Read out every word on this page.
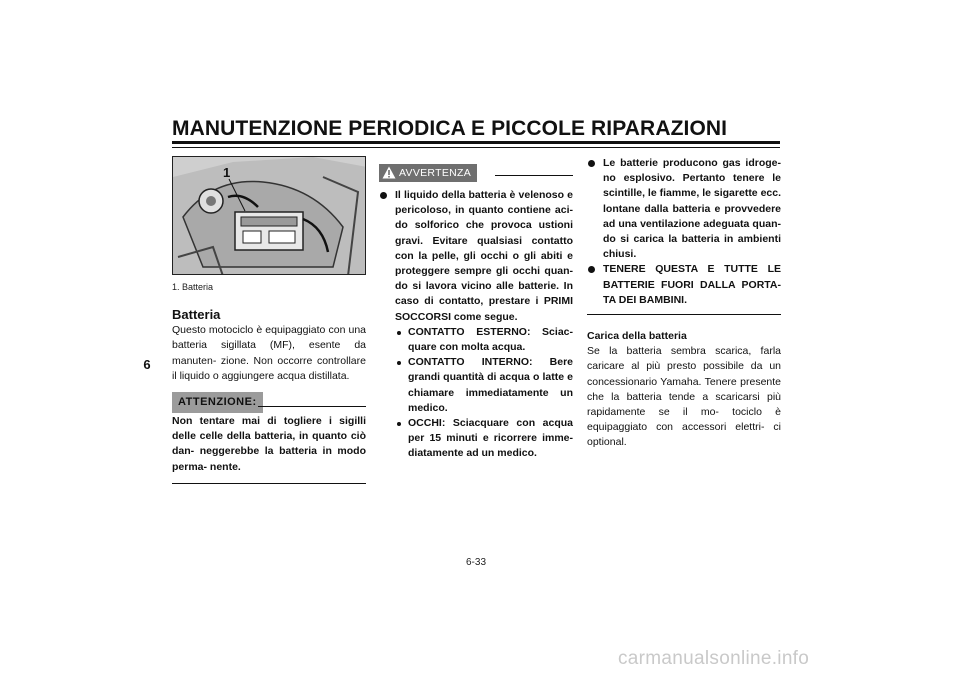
MANUTENZIONE PERIODICA E PICCOLE RIPARAZIONI
6
1
1. Batteria
Batteria
Questo motociclo è equipaggiato con una batteria sigillata (MF), esente da manuten- zione. Non occorre controllare il liquido o aggiungere acqua distillata.
ATTENZIONE:
Non tentare mai di togliere i sigilli delle celle della batteria, in quanto ciò dan- neggerebbe la batteria in modo perma- nente.
AVVERTENZA
Il liquido della batteria è velenoso e pericoloso, in quanto contiene aci- do solforico che provoca ustioni gravi. Evitare qualsiasi contatto con la pelle, gli occhi o gli abiti e proteggere sempre gli occhi quan- do si lavora vicino alle batterie. In caso di contatto, prestare i PRIMI SOCCORSI come segue.
CONTATTO ESTERNO: Sciac- quare con molta acqua.
CONTATTO INTERNO: Bere grandi quantità di acqua o latte e chiamare immediatamente un medico.
OCCHI: Sciacquare con acqua per 15 minuti e ricorrere imme- diatamente ad un medico.
Le batterie producono gas idroge- no esplosivo. Pertanto tenere le scintille, le fiamme, le sigarette ecc. lontane dalla batteria e provvedere ad una ventilazione adeguata quan- do si carica la batteria in ambienti chiusi.
TENERE QUESTA E TUTTE LE BATTERIE FUORI DALLA PORTA- TA DEI BAMBINI.
Carica della batteria
Se la batteria sembra scarica, farla caricare al più presto possibile da un concessionario Yamaha. Tenere presente che la batteria tende a scaricarsi più rapidamente se il mo- tociclo è equipaggiato con accessori elettri- ci optional.
6-33
carmanualsonline.info
